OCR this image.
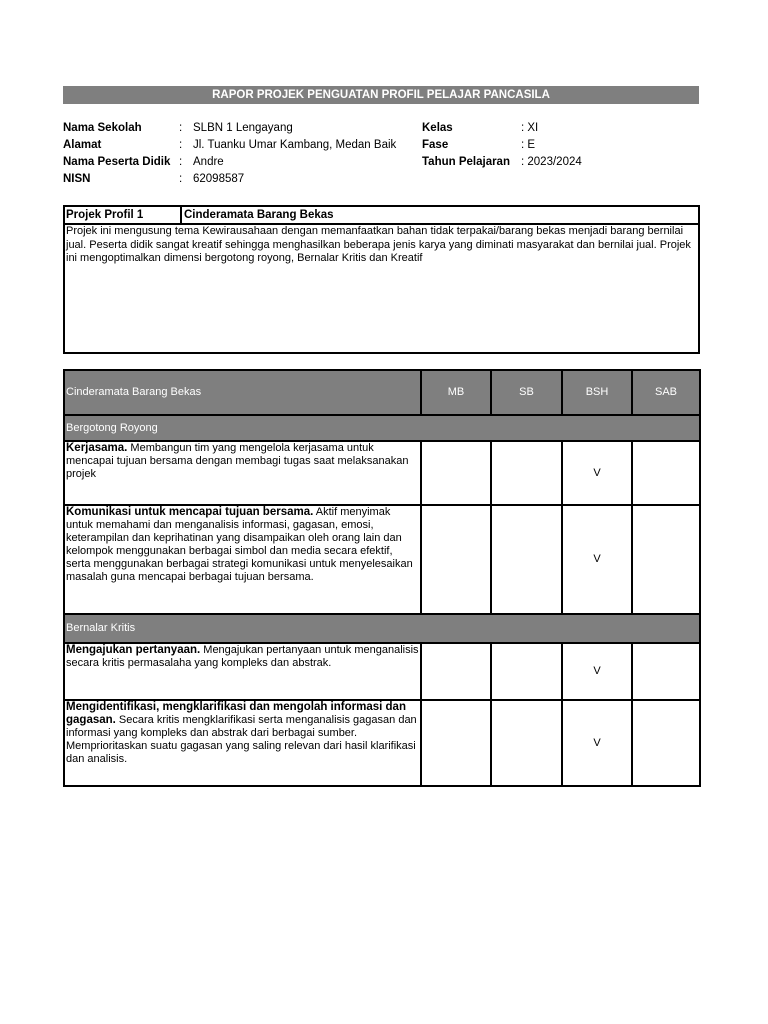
RAPOR PROJEK PENGUATAN PROFIL PELAJAR PANCASILA
Nama Sekolah	: SLBN 1 Lengayang
Alamat	: Jl. Tuanku Umar Kambang, Medan Baik
Nama Peserta Didik : Andre
NISN	: 62098587
Kelas	: XI
Fase	: E
Tahun Pelajaran : 2023/2024
Projek Profil 1	Cinderamata Barang Bekas
Projek ini mengusung tema Kewirausahaan dengan memanfaatkan bahan tidak terpakai/barang bekas menjadi barang bernilai jual. Peserta didik sangat kreatif sehingga menghasilkan beberapa jenis karya yang diminati masyarakat dan bernilai jual. Projek ini mengoptimalkan dimensi bergotong royong, Bernalar Kritis dan Kreatif
Cinderamata Barang Bekas	MB	SB	BSH	SAB
Bergotong Royong				
Kerjasama. Membangun tim yang mengelola kerjasama untuk mencapai tujuan bersama dengan membagi tugas saat melaksanakan projek			V	
Komunikasi untuk mencapai tujuan bersama. Aktif menyimak untuk memahami dan menganalisis informasi, gagasan, emosi, keterampilan dan keprihatinan yang disampaikan oleh orang lain dan kelompok menggunakan berbagai simbol dan media secara efektif, serta menggunakan berbagai strategi komunikasi untuk menyelesaikan masalah guna mencapai berbagai tujuan bersama.			V	
Bernalar Kritis				
Mengajukan pertanyaan. Mengajukan pertanyaan untuk menganalisis secara kritis permasalaha yang kompleks dan abstrak.			V	
Mengidentifikasi, mengklarifikasi dan mengolah informasi dan gagasan. Secara kritis mengklarifikasi serta menganalisis gagasan dan informasi yang kompleks dan abstrak dari berbagai sumber. Memprioritaskan suatu gagasan yang saling relevan dari hasil klarifikasi dan analisis.			V	
